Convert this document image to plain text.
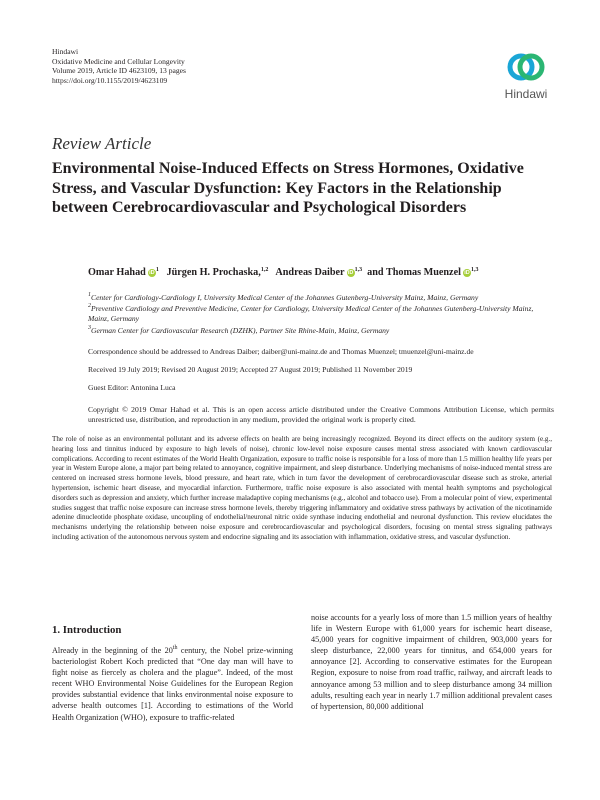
Hindawi
Oxidative Medicine and Cellular Longevity
Volume 2019, Article ID 4623109, 13 pages
https://doi.org/10.1155/2019/4623109
Hindawi
Review Article
Environmental Noise-Induced Effects on Stress Hormones, Oxidative Stress, and Vascular Dysfunction: Key Factors in the Relationship between Cerebrocardiovascular and Psychological Disorders
Omar Hahad $iD^1$ Jürgen H. Prochaska,$^{1,2}$ Andreas Daiber iD$^{1,3}$ and Thomas Muenzel iD$^{1,3}$
$^1$Center for Cardiology-Cardiology I, University Medical Center of the Johannes Gutenberg-University Mainz, Mainz, Germany
$^2$Preventive Cardiology and Preventive Medicine, Center for Cardiology, University Medical Center of the Johannes Gutenberg-University Mainz, Mainz, Germany
$^3$German Center for Cardiovascular Research (DZHK), Partner Site Rhine-Main, Mainz, Germany
Correspondence should be addressed to Andreas Daiber; daiber@uni-mainz.de and Thomas Muenzel; tmuenzel@uni-mainz.de
Received 19 July 2019; Revised 20 August 2019; Accepted 27 August 2019; Published 11 November 2019
Guest Editor: Antonina Luca
Copyright © 2019 Omar Hahad et al. This is an open access article distributed under the Creative Commons Attribution License, which permits unrestricted use, distribution, and reproduction in any medium, provided the original work is properly cited.

The role of noise as an environmental pollutant and its adverse effects on health are being increasingly recognized. Beyond its direct effects on the auditory system (e.g., hearing loss and tinnitus induced by exposure to high levels of noise), chronic low-level noise exposure causes mental stress associated with known cardiovascular complications. According to recent estimates of the World Health Organization, exposure to traffic noise is responsible for a loss of more than 1.5 million healthy life years per year in Western Europe alone, a major part being related to annoyance, cognitive impairment, and sleep disturbance. Underlying mechanisms of noise-induced mental stress are centered on increased stress hormone levels, blood pressure, and heart rate, which in turn favor the development of cerebrocardiovascular disease such as stroke, arterial hypertension, ischemic heart disease, and myocardial infarction. Furthermore, traffic noise exposure is also associated with mental health symptoms and psychological disorders such as depression and anxiety, which further increase maladaptive coping mechanisms (e.g., alcohol and tobacco use). From a molecular point of view, experimental studies suggest that traffic noise exposure can increase stress hormone levels, thereby triggering inflammatory and oxidative stress pathways by activation of the nicotinamide adenine dinucleotide phosphate oxidase, uncoupling of endothelial/neuronal nitric oxide synthase inducing endothelial and neuronal dysfunction. This review elucidates the mechanisms underlying the relationship between noise exposure and cerebrocardiovascular and psychological disorders, focusing on mental stress signaling pathways including activation of the autonomous nervous system and endocrine signaling and its association with inflammation, oxidative stress, and vascular dysfunction.

1. Introduction
Already in the beginning of the 20th century, the Nobel prize-winning bacteriologist Robert Koch predicted that “One day man will have to fight noise as fiercely as cholera and the plague”. Indeed, of the most recent WHO Environmental Noise Guidelines for the European Region provides substantial evidence that links environmental noise exposure to adverse health outcomes [1]. According to estimations of the World Health Organization (WHO), exposure to traffic-related
noise accounts for a yearly loss of more than 1.5 million years of healthy life in Western Europe with 61,000 years for ischemic heart disease, 45,000 years for cognitive impairment of children, 903,000 years for sleep disturbance, 22,000 years for tinnitus, and 654,000 years for annoyance [2]. According to conservative estimates for the European Region, exposure to noise from road traffic, railway, and aircraft leads to annoyance among 53 million and to sleep disturbance among 34 million adults, resulting each year in nearly 1.7 million additional prevalent cases of hypertension, 80,000 additional
